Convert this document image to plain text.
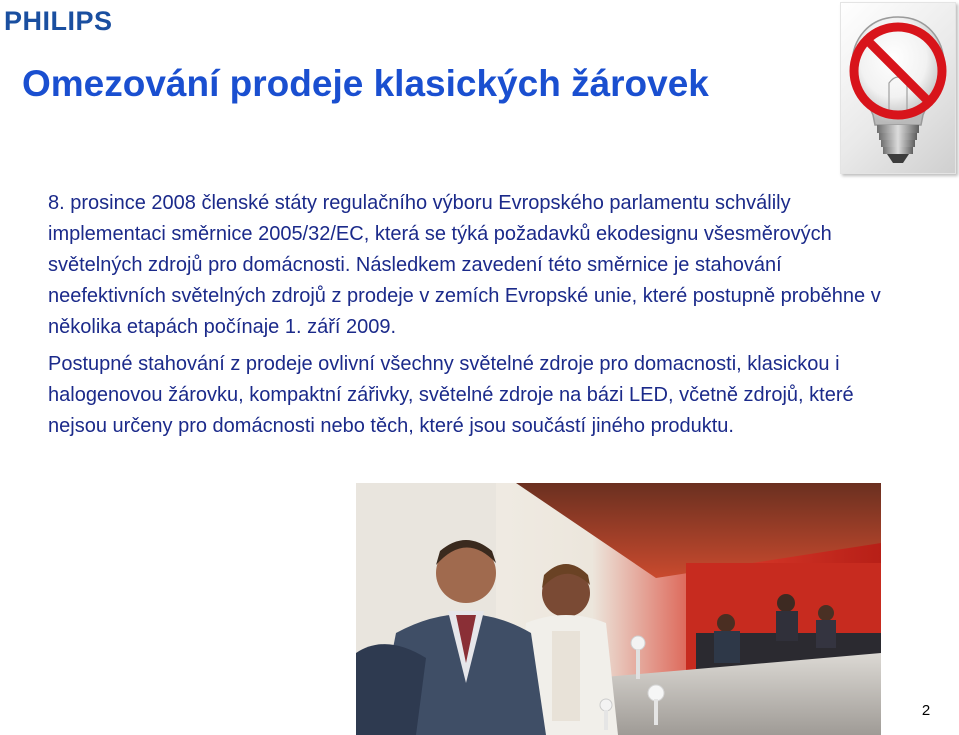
PHILIPS
Omezování prodeje klasických žárovek

8. prosince 2008 členské státy regulačního výboru Evropského parlamentu schválily implementaci směrnice 2005/32/EC, která se týká požadavků ekodesignu všesměrových světelných zdrojů pro domácnosti. Následkem zavedení této směrnice je stahování neefektivních světelných zdrojů z prodeje v zemích Evropské unie, které postupně proběhne v několika etapách počínaje 1. září 2009.

Postupné stahování z prodeje ovlivní všechny světelné zdroje pro domacnosti, klasickou i halogenovou žárovku, kompaktní zářivky, světelné zdroje na bázi LED, včetně zdrojů, které nejsou určeny pro domácnosti nebo těch, které jsou součástí jiného produktu.

2
